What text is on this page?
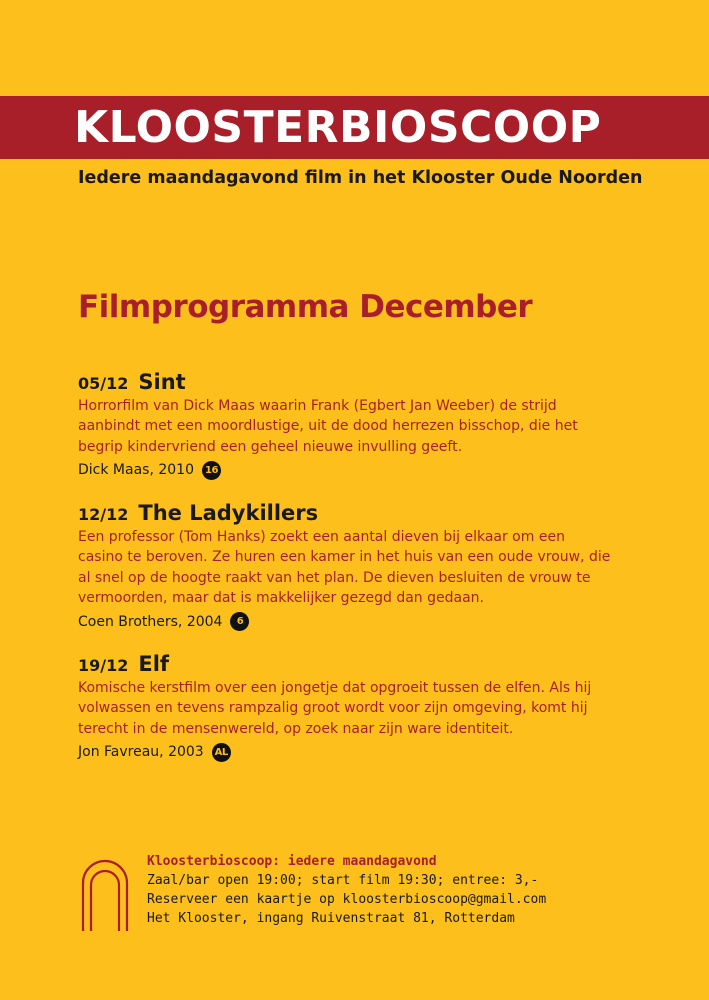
KLOOSTERBIOSCOOP
Iedere maandagavond film in het Klooster Oude Noorden
Filmprogramma December
05/12 Sint
Horrorfilm van Dick Maas waarin Frank (Egbert Jan Weeber) de strijd
aanbindt met een moordlustige, uit de dood herrezen bisschop, die het
begrip kindervriend een geheel nieuwe invulling geeft.
Dick Maas, 2010	16
12/12 The Ladykillers
Een professor (Tom Hanks) zoekt een aantal dieven bij elkaar om een
casino te beroven. Ze huren een kamer in het huis van een oude vrouw, die
al snel op de hoogte raakt van het plan. De dieven besluiten de vrouw te
vermoorden, maar dat is makkelijker gezegd dan gedaan.
Coen Brothers, 2004	6
19/12 Elf
Komische kerstfilm over een jongetje dat opgroeit tussen de elfen. Als hij
volwassen en tevens rampzalig groot wordt voor zijn omgeving, komt hij
terecht in de mensenwereld, op zoek naar zijn ware identiteit.
Jon Favreau, 2003 AL
Kloosterbioscoop: iedere maandagavond
Zaal/bar open 19:00; start film 19:30; entree: 3,-
Reserveer een kaartje op kloosterbioscoop@gmail.com
Het Klooster, ingang Ruivenstraat 81, Rotterdam
